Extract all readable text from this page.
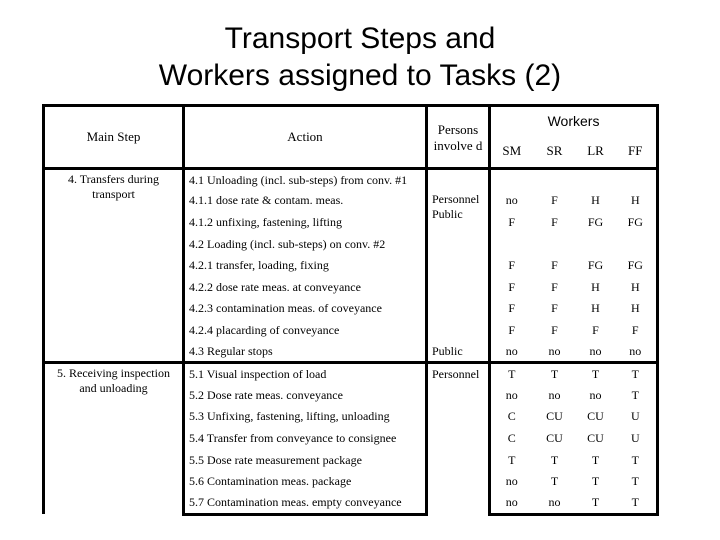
Transport Steps and
Workers assigned to Tasks (2)
Main Step	Action	Persons involve d	Workers			
			SM	SR	LR	FF
4. Transfers during transport	4.1 Unloading (incl. sub-steps) from conv. #1					
	4.1.1 dose rate & contam. meas.	Personnel Public	no	F	H	H
	4.1.2 unfixing, fastening, lifting		F	F	FG	FG
	4.2 Loading (incl. sub-steps) on conv. #2					
	4.2.1 transfer, loading, fixing		F	F	FG	FG
	4.2.2 dose rate meas. at conveyance		F	F	H	H
	4.2.3 contamination meas. of coveyance		F	F	H	H
	4.2.4 placarding of conveyance		F	F	F	F
	4.3 Regular stops	Public	no	no	no	no
5. Receiving inspection and unloading	5.1 Visual inspection of load	Personnel	T	T	T	T
	5.2 Dose rate meas. conveyance		no	no	no	T
	5.3 Unfixing, fastening, lifting, unloading		C	CU	CU	U
	5.4 Transfer from conveyance to consignee		C	CU	CU	U
	5.5 Dose rate measurement package		T	T	T	T
	5.6 Contamination meas. package		no	T	T	T
	5.7 Contamination meas. empty conveyance		no	no	T	T
